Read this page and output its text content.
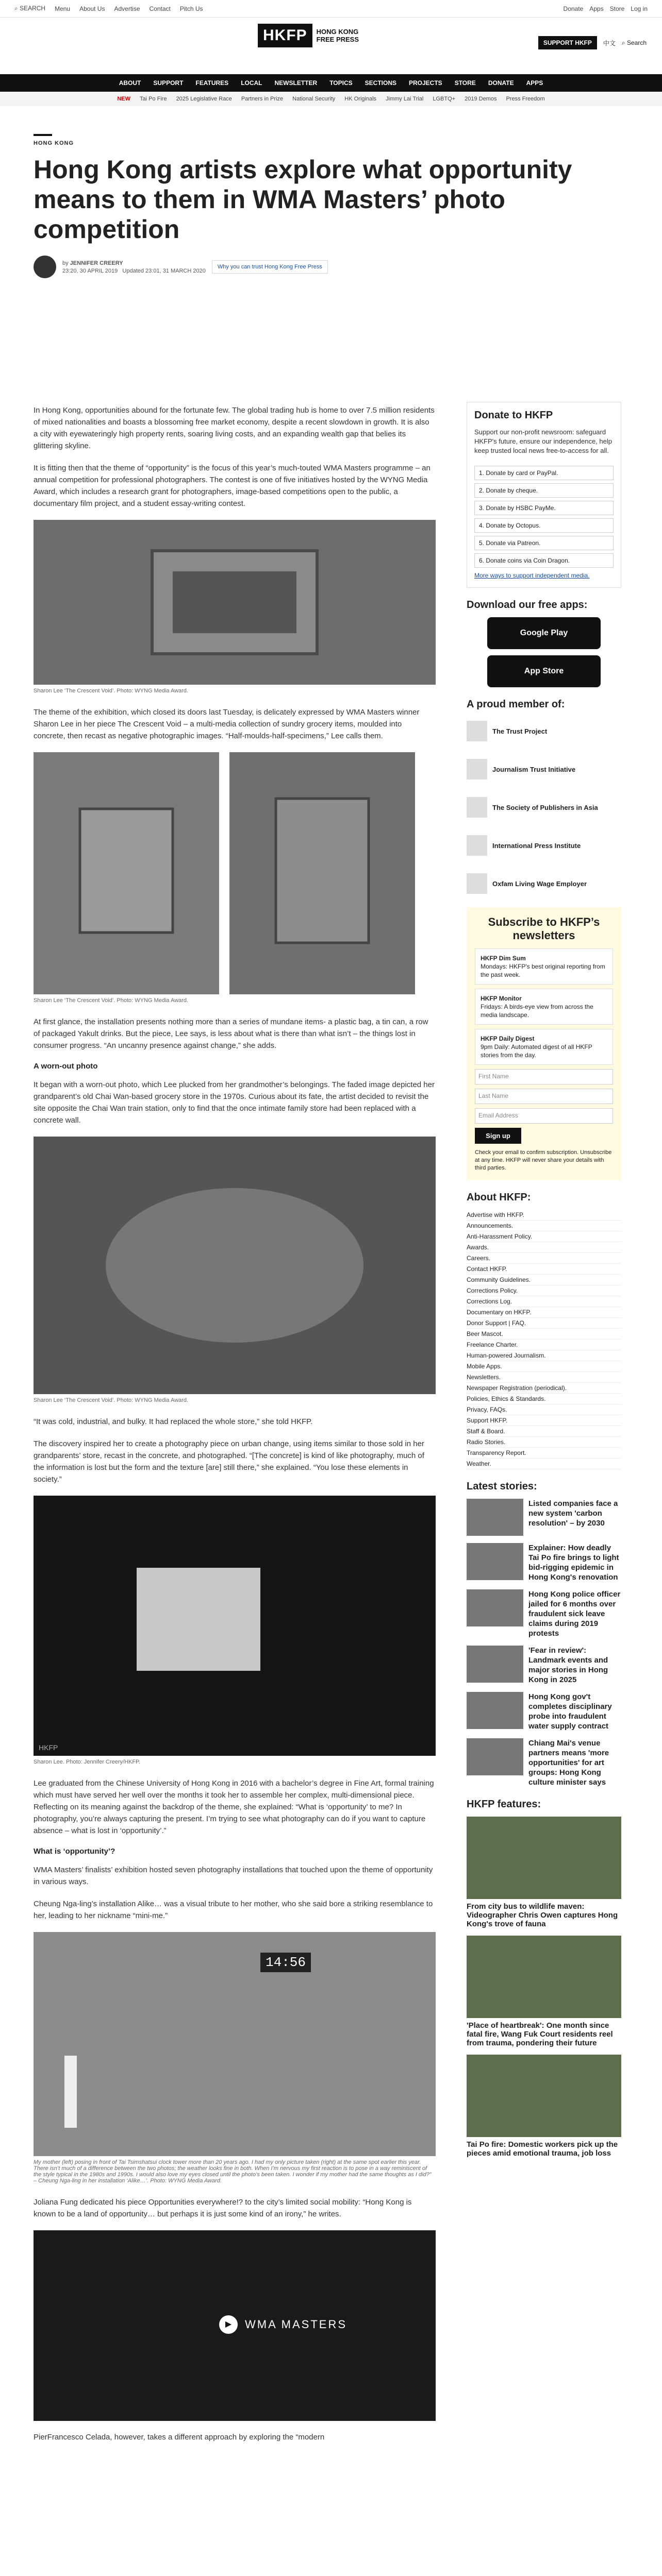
⌕ SEARCH Menu About Us Advertise Contact Pitch Us	Donate Apps Store Log in
HKFP	HONG KONG
FREE PRESS	SUPPORT HKFP	中文 ⌕ Search
ABOUT SUPPORT FEATURES LOCAL NEWSLETTER TOPICS SECTIONS PROJECTS STORE DONATE APPS
NEW Tai Po Fire 2025 Legislative Race Partners in Prize National Security HK Originals Jimmy Lai Trial LGBTQ+ 2019 Demos Press Freedom
HONG KONG
Hong Kong artists explore what opportunity means to them in WMA Masters’ photo competition
by JENNIFER CREERY
23:20, 30 APRIL 2019 Updated 23:01, 31 MARCH 2020
Why you can trust Hong Kong Free Press

In Hong Kong, opportunities abound for the fortunate few. The global trading hub is home to over 7.5 million residents of mixed nationalities and boasts a blossoming free market economy, despite a recent slowdown in growth. It is also a city with eyewateringly high property rents, soaring living costs, and an expanding wealth gap that belies its glittering skyline.

It is fitting then that the theme of “opportunity” is the focus of this year’s much-touted WMA Masters programme – an annual competition for professional photographers. The contest is one of five initiatives hosted by the WYNG Media Award, which includes a research grant for photographers, image-based competitions open to the public, a documentary film project, and a student essay-writing contest.

Sharon Lee ‘The Crescent Void’. Photo: WYNG Media Award.

The theme of the exhibition, which closed its doors last Tuesday, is delicately expressed by WMA Masters winner Sharon Lee in her piece The Crescent Void – a multi-media collection of sundry grocery items, moulded into concrete, then recast as negative photographic images. “Half-moulds-half-specimens,” Lee calls them.

Sharon Lee ‘The Crescent Void’. Photo: WYNG Media Award.

At first glance, the installation presents nothing more than a series of mundane items- a plastic bag, a tin can, a row of packaged Yakult drinks. But the piece, Lee says, is less about what is there than what isn’t – the things lost in consumer progress. “An uncanny presence against change,” she adds.

A worn-out photo

It began with a worn-out photo, which Lee plucked from her grandmother’s belongings. The faded image depicted her grandparent’s old Chai Wan-based grocery store in the 1970s. Curious about its fate, the artist decided to revisit the site opposite the Chai Wan train station, only to find that the once intimate family store had been replaced with a concrete wall.

Sharon Lee ‘The Crescent Void’. Photo: WYNG Media Award.

“It was cold, industrial, and bulky. It had replaced the whole store,” she told HKFP.

The discovery inspired her to create a photography piece on urban change, using items similar to those sold in her grandparents’ store, recast in the concrete, and photographed. “[The concrete] is kind of like photography, much of the information is lost but the form and the texture [are] still there,” she explained. “You lose these elements in society.”

HKFP
Sharon Lee. Photo: Jennifer Creery/HKFP.

Lee graduated from the Chinese University of Hong Kong in 2016 with a bachelor’s degree in Fine Art, formal training which must have served her well over the months it took her to assemble her complex, multi-dimensional piece. Reflecting on its meaning against the backdrop of the theme, she explained: “What is ‘opportunity’ to me? In photography, you’re always capturing the present. I’m trying to see what photography can do if you want to capture absence – what is lost in ‘opportunity’.”

What is ‘opportunity’?

WMA Masters’ finalists’ exhibition hosted seven photography installations that touched upon the theme of opportunity in various ways.

Cheung Nga-ling’s installation Alike… was a visual tribute to her mother, who she said bore a striking resemblance to her, leading to her nickname “mini-me.”

14:56
My mother (left) posing in front of Tai Tsimshatsui clock tower more than 20 years ago. I had my only picture taken (right) at the same spot earlier this year. There isn’t much of a difference between the two photos; the weather looks fine in both. When I’m nervous my first reaction is to pose in a way reminiscent of the style typical in the 1980s and 1990s. I would also love my eyes closed until the photo’s been taken. I wonder if my mother had the same thoughts as I did?” – Cheung Nga-ling in her installation ‘Alike…’. Photo: WYNG Media Award.

Joliana Fung dedicated his piece Opportunities everywhere!? to the city’s limited social mobility: “Hong Kong is known to be a land of opportunity… but perhaps it is just some kind of an irony,” he writes.

WMA MASTERS
▶

PierFrancesco Celada, however, takes a different approach by exploring the “modern

Donate to HKFP

Support our non-profit newsroom: safeguard HKFP's future, ensure our independence, help keep trusted local news free-to-access for all.

1. Donate by card or PayPal.
2. Donate by cheque.
3. Donate by HSBC PayMe.
4. Donate by Octopus.
5. Donate via Patreon.
6. Donate coins via Coin Dragon.
More ways to support independent media.
Download our free apps:
Google Play
App Store
A proud member of:
The Trust Project
Journalism Trust Initiative
The Society of Publishers in Asia
International Press Institute
Oxfam Living Wage Employer
Subscribe to HKFP’s newsletters
HKFP Dim Sum
Mondays: HKFP's best original reporting from the past week.
HKFP Monitor
Fridays: A birds-eye view from across the media landscape.
HKFP Daily Digest
9pm Daily: Automated digest of all HKFP stories from the day.
First Name
Last Name
Email Address
Sign up
Check your email to confirm subscription. Unsubscribe at any time. HKFP will never share your details with third parties.
About HKFP:
Advertise with HKFP.
Announcements.
Anti-Harassment Policy.
Awards.
Careers.
Contact HKFP.
Community Guidelines.
Corrections Policy.
Corrections Log.
Documentary on HKFP.
Donor Support | FAQ.
Beer Mascot.
Freelance Charter.
Human-powered Journalism.
Mobile Apps.
Newsletters.
Newspaper Registration (periodical).
Policies, Ethics & Standards.
Privacy, FAQs.
Support HKFP.
Staff & Board.
Radio Stories.
Transparency Report.
Weather.
Latest stories:
Listed companies face a new system 'carbon resolution' – by 2030
Explainer: How deadly Tai Po fire brings to light bid-rigging epidemic in Hong Kong's renovation
Hong Kong police officer jailed for 6 months over fraudulent sick leave claims during 2019 protests
'Fear in review': Landmark events and major stories in Hong Kong in 2025
Hong Kong gov't completes disciplinary probe into fraudulent water supply contract
Chiang Mai's venue partners means 'more opportunities' for art groups: Hong Kong culture minister says
HKFP features:
From city bus to wildlife maven: Videographer Chris Owen captures Hong Kong's trove of fauna
'Place of heartbreak': One month since fatal fire, Wang Fuk Court residents reel from trauma, pondering their future
Tai Po fire: Domestic workers pick up the pieces amid emotional trauma, job loss
